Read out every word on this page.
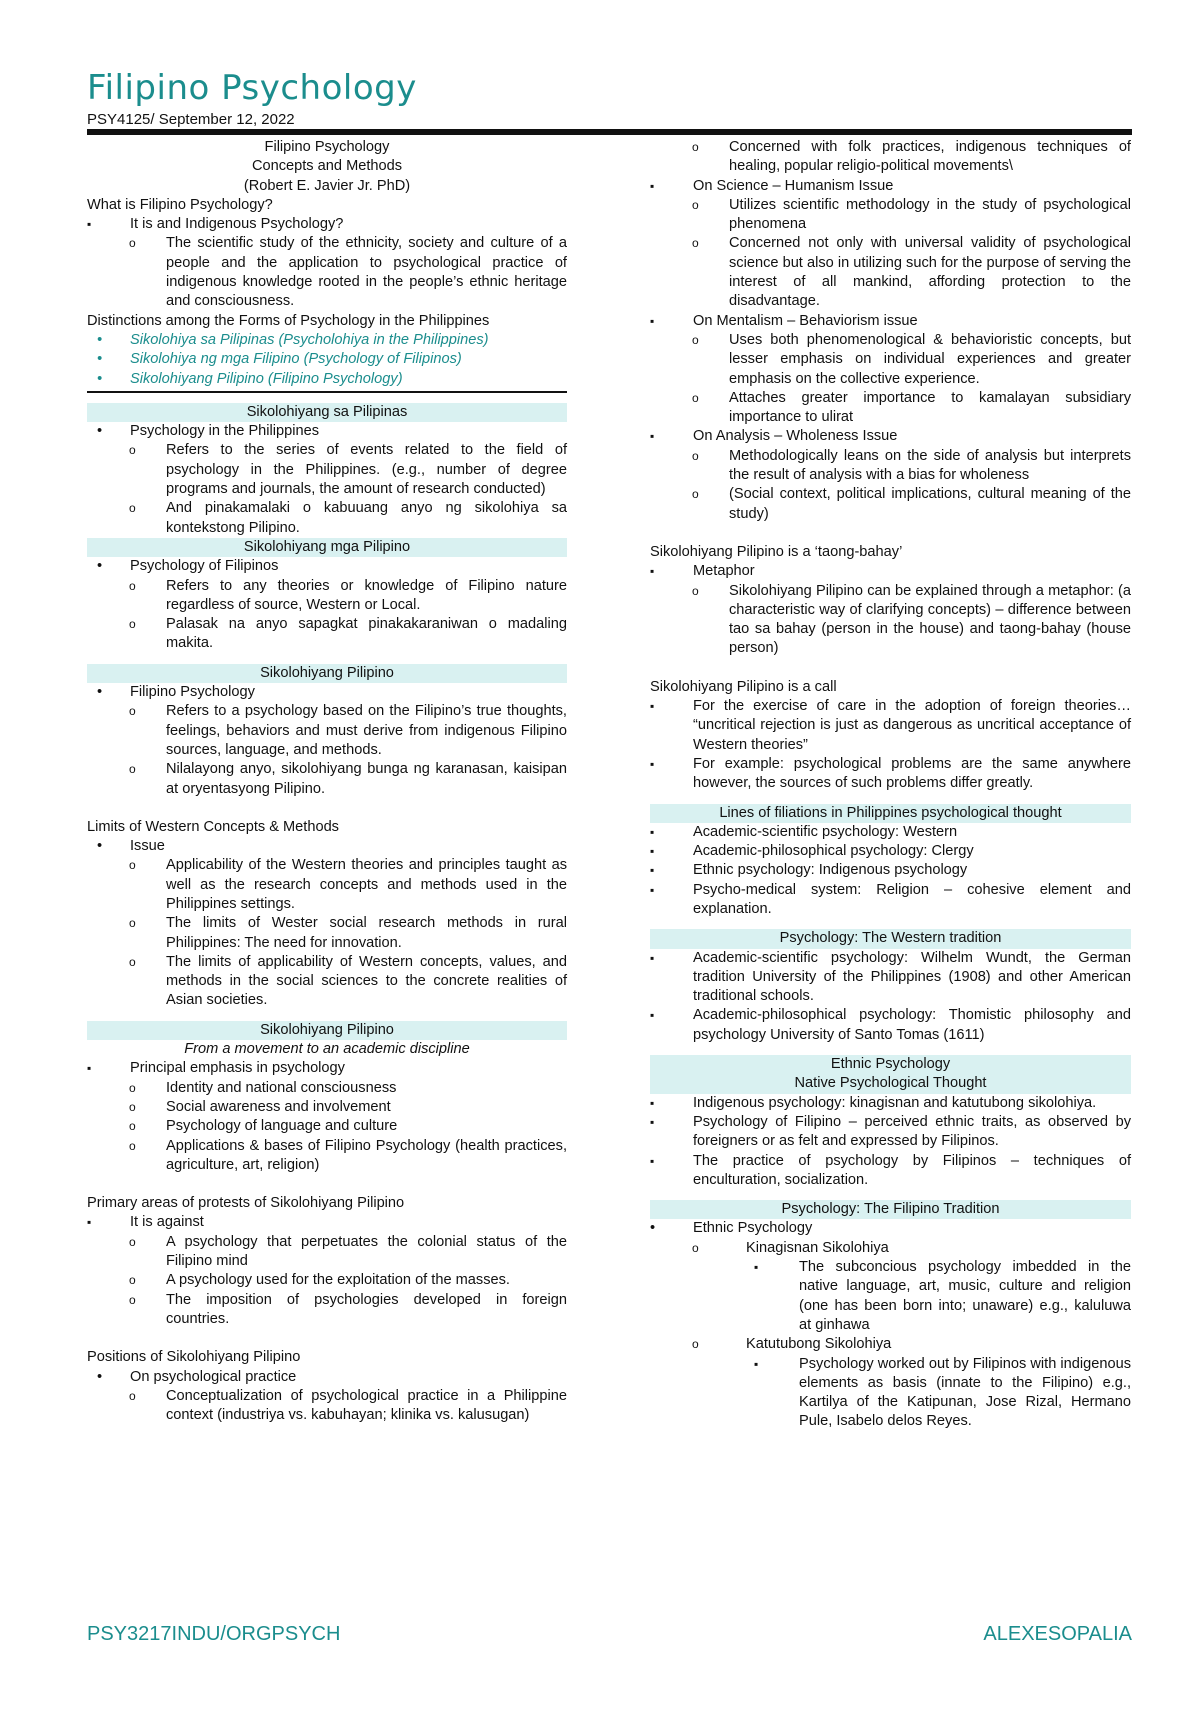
Filipino Psychology
PSY4125/ September 12, 2022
Filipino Psychology
Concepts and Methods
(Robert E. Javier Jr. PhD)
What is Filipino Psychology?
▪
It is and Indigenous Psychology?
o
The scientific study of the ethnicity, society and culture of a people and the application to psychological practice of indigenous knowledge rooted in the people’s ethnic heritage and consciousness.
Distinctions among the Forms of Psychology in the Philippines
•
Sikolohiya sa Pilipinas (Psycholohiya in the Philippines)
•
Sikolohiya ng mga Filipino (Psychology of Filipinos)
•
Sikolohiyang Pilipino (Filipino Psychology)
Sikolohiyang sa Pilipinas
•
Psychology in the Philippines
o
Refers to the series of events related to the field of psychology in the Philippines. (e.g., number of degree programs and journals, the amount of research conducted)
o
And pinakamalaki o kabuuang anyo ng sikolohiya sa kontekstong Pilipino.
Sikolohiyang mga Pilipino
•
Psychology of Filipinos
o
Refers to any theories or knowledge of Filipino nature regardless of source, Western or Local.
o
Palasak na anyo sapagkat pinakakaraniwan o madaling makita.
Sikolohiyang Pilipino
•
Filipino Psychology
o
Refers to a psychology based on the Filipino’s true thoughts, feelings, behaviors and must derive from indigenous Filipino sources, language, and methods.
o
Nilalayong anyo, sikolohiyang bunga ng karanasan, kaisipan at oryentasyong Pilipino.
Limits of Western Concepts & Methods
•
Issue
o
Applicability of the Western theories and principles taught as well as the research concepts and methods used in the Philippines settings.
o
The limits of Wester social research methods in rural Philippines: The need for innovation.
o
The limits of applicability of Western concepts, values, and methods in the social sciences to the concrete realities of Asian societies.
Sikolohiyang Pilipino
From a movement to an academic discipline
▪
Principal emphasis in psychology
o
Identity and national consciousness
o
Social awareness and involvement
o
Psychology of language and culture
o
Applications & bases of Filipino Psychology (health practices, agriculture, art, religion)
Primary areas of protests of Sikolohiyang Pilipino
▪
It is against
o
A psychology that perpetuates the colonial status of the Filipino mind
o
A psychology used for the exploitation of the masses.
o
The imposition of psychologies developed in foreign countries.
Positions of Sikolohiyang Pilipino
•
On psychological practice
o
Conceptualization of psychological practice in a Philippine context (industriya vs. kabuhayan; klinika vs. kalusugan)
o
Concerned with folk practices, indigenous techniques of healing, popular religio-political movements\
▪
On Science – Humanism Issue
o
Utilizes scientific methodology in the study of psychological phenomena
o
Concerned not only with universal validity of psychological science but also in utilizing such for the purpose of serving the interest of all mankind, affording protection to the disadvantage.
▪
On Mentalism – Behaviorism issue
o
Uses both phenomenological & behavioristic concepts, but lesser emphasis on individual experiences and greater emphasis on the collective experience.
o
Attaches greater importance to kamalayan subsidiary importance to ulirat
▪
On Analysis – Wholeness Issue
o
Methodologically leans on the side of analysis but interprets the result of analysis with a bias for wholeness
o
(Social context, political implications, cultural meaning of the study)
Sikolohiyang Pilipino is a ‘taong-bahay’
▪
Metaphor
o
Sikolohiyang Pilipino can be explained through a metaphor: (a characteristic way of clarifying concepts) – difference between tao sa bahay (person in the house) and taong-bahay (house person)
Sikolohiyang Pilipino is a call
▪
For the exercise of care in the adoption of foreign theories… “uncritical rejection is just as dangerous as uncritical acceptance of Western theories”
▪
For example: psychological problems are the same anywhere however, the sources of such problems differ greatly.
Lines of filiations in Philippines psychological thought
▪
Academic-scientific psychology: Western
▪
Academic-philosophical psychology: Clergy
▪
Ethnic psychology: Indigenous psychology
▪
Psycho-medical system: Religion – cohesive element and explanation.
Psychology: The Western tradition
▪
Academic-scientific psychology: Wilhelm Wundt, the German tradition University of the Philippines (1908) and other American traditional schools.
▪
Academic-philosophical psychology: Thomistic philosophy and psychology University of Santo Tomas (1611)
Ethnic Psychology
Native Psychological Thought
▪
Indigenous psychology: kinagisnan and katutubong sikolohiya.
▪
Psychology of Filipino – perceived ethnic traits, as observed by foreigners or as felt and expressed by Filipinos.
▪
The practice of psychology by Filipinos – techniques of enculturation, socialization.
Psychology: The Filipino Tradition
•
Ethnic Psychology
o
Kinagisnan Sikolohiya
▪
The subconcious psychology imbedded in the native language, art, music, culture and religion (one has been born into; unaware) e.g., kaluluwa at ginhawa
o
Katutubong Sikolohiya
▪
Psychology worked out by Filipinos with indigenous elements as basis (innate to the Filipino) e.g., Kartilya of the Katipunan, Jose Rizal, Hermano Pule, Isabelo delos Reyes.
PSY3217INDU/ORGPSYCH	ALEXESOPALIA
